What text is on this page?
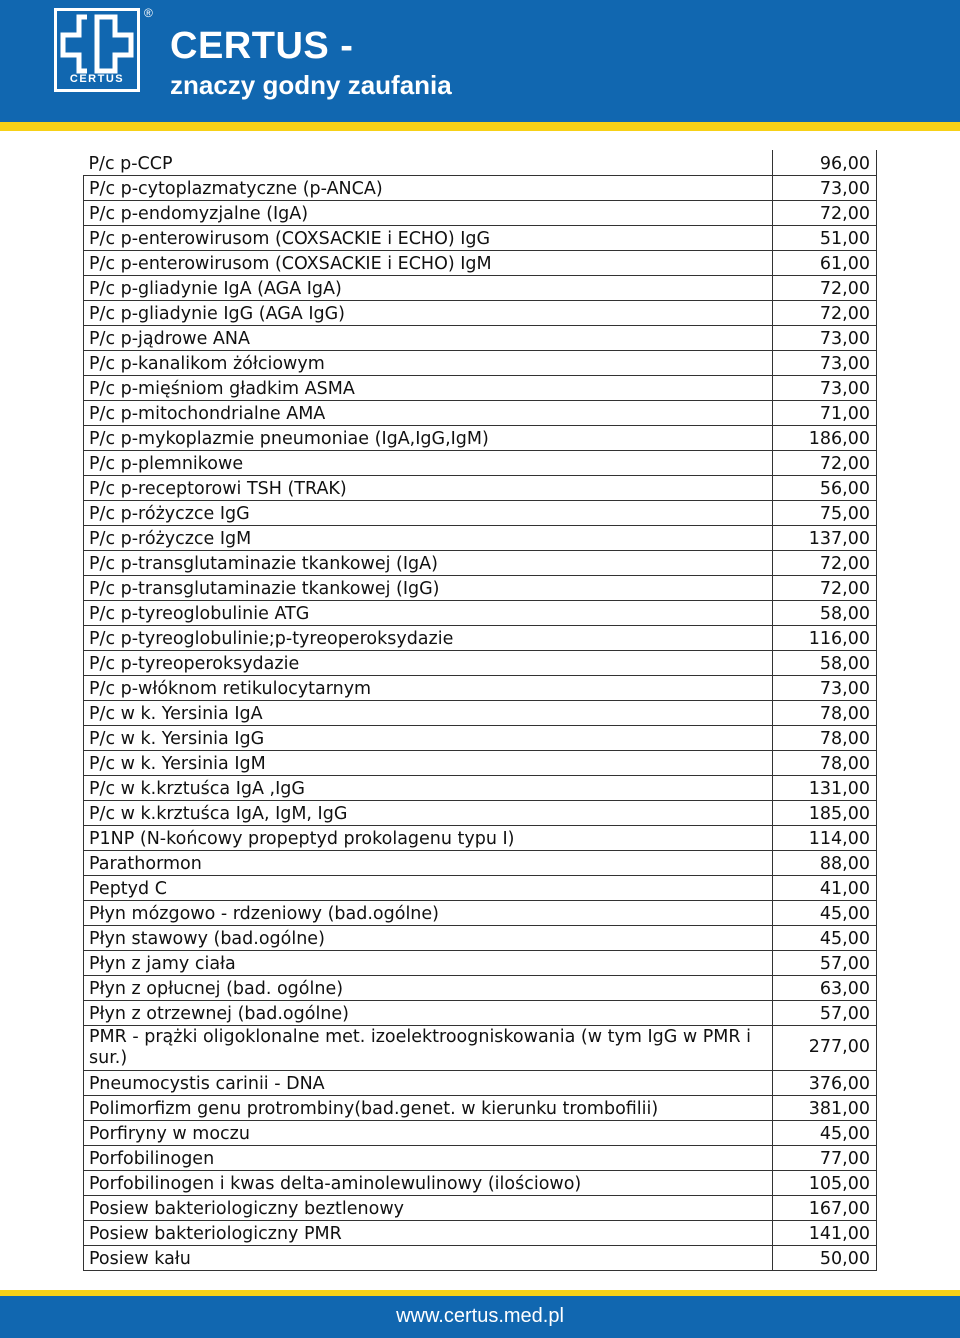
CERTUS
®
CERTUS -
znaczy godny zaufania
P/c p-CCP	96,00
P/c p-cytoplazmatyczne (p-ANCA)	73,00
P/c p-endomyzjalne (IgA)	72,00
P/c p-enterowirusom (COXSACKIE i ECHO) IgG	51,00
P/c p-enterowirusom (COXSACKIE i ECHO) IgM	61,00
P/c p-gliadynie IgA (AGA IgA)	72,00
P/c p-gliadynie IgG (AGA IgG)	72,00
P/c p-jądrowe ANA	73,00
P/c p-kanalikom żółciowym	73,00
P/c p-mięśniom gładkim ASMA	73,00
P/c p-mitochondrialne AMA	71,00
P/c p-mykoplazmie pneumoniae (IgA,IgG,IgM)	186,00
P/c p-plemnikowe	72,00
P/c p-receptorowi TSH (TRAK)	56,00
P/c p-różyczce IgG	75,00
P/c p-różyczce IgM	137,00
P/c p-transglutaminazie tkankowej (IgA)	72,00
P/c p-transglutaminazie tkankowej (IgG)	72,00
P/c p-tyreoglobulinie ATG	58,00
P/c p-tyreoglobulinie;p-tyreoperoksydazie	116,00
P/c p-tyreoperoksydazie	58,00
P/c p-włóknom retikulocytarnym	73,00
P/c w k. Yersinia IgA	78,00
P/c w k. Yersinia IgG	78,00
P/c w k. Yersinia IgM	78,00
P/c w k.krztuśca IgA ,IgG	131,00
P/c w k.krztuśca IgA, IgM, IgG	185,00
P1NP (N-końcowy propeptyd prokolagenu typu I)	114,00
Parathormon	88,00
Peptyd C	41,00
Płyn mózgowo - rdzeniowy (bad.ogólne)	45,00
Płyn stawowy (bad.ogólne)	45,00
Płyn z jamy ciała	57,00
Płyn z opłucnej (bad. ogólne)	63,00
Płyn z otrzewnej (bad.ogólne)	57,00
PMR - prążki oligoklonalne met. izoelektroogniskowania (w tym IgG w PMR i sur.)	277,00
Pneumocystis carinii - DNA	376,00
Polimorfizm genu protrombiny(bad.genet. w kierunku trombofilii)	381,00
Porfiryny w moczu	45,00
Porfobilinogen	77,00
Porfobilinogen i kwas delta-aminolewulinowy (ilościowo)	105,00
Posiew bakteriologiczny beztlenowy	167,00
Posiew bakteriologiczny PMR	141,00
Posiew kału	50,00
www.certus.med.pl
